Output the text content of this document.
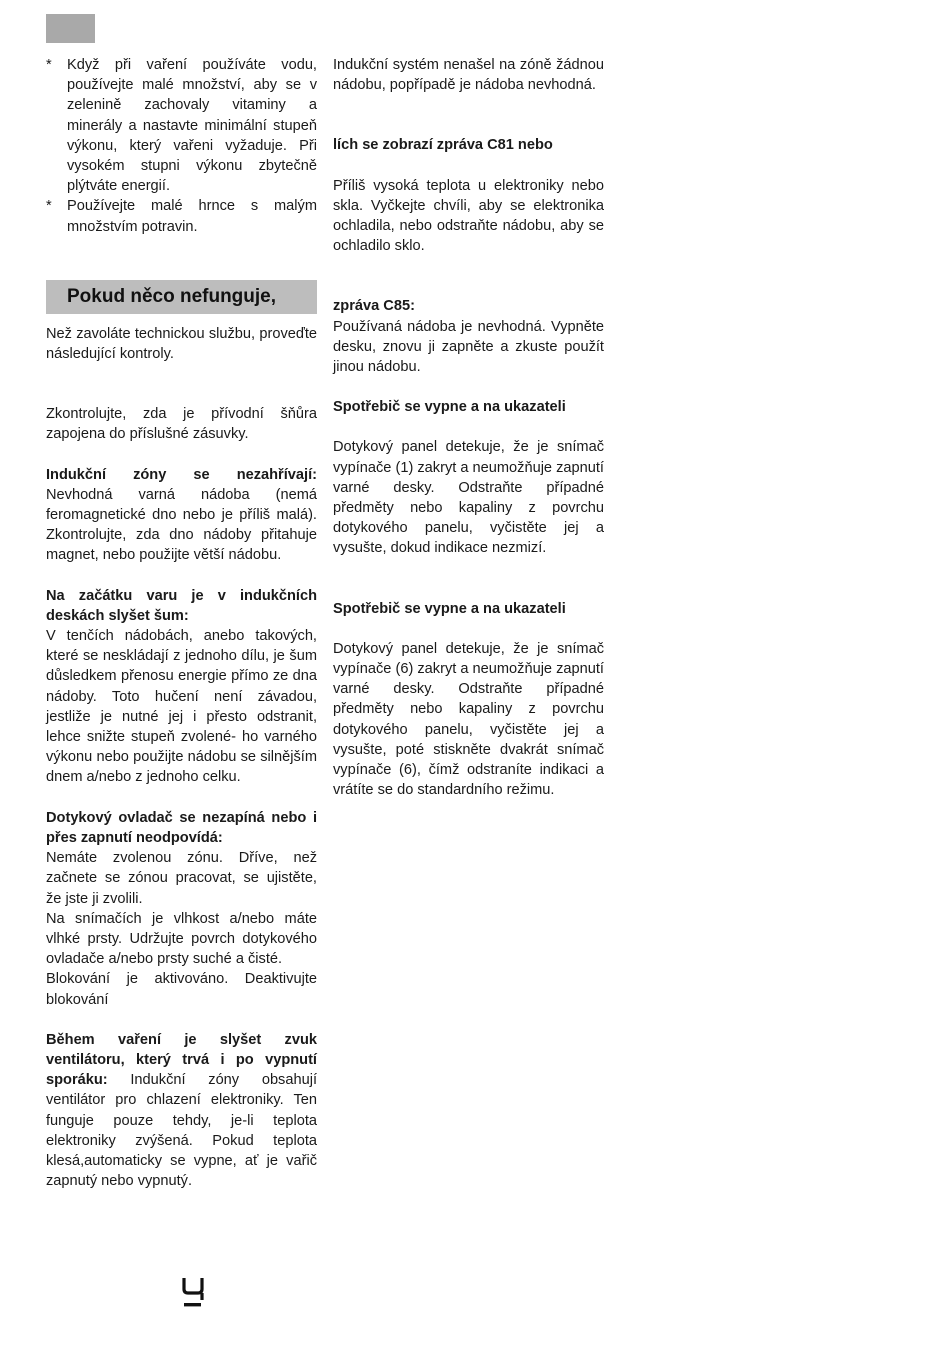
* Když při vaření používáte vodu, používejte malé množství, aby se v zelenině zachovaly vitaminy a minerály a nastavte minimální stupeň výkonu, který vařeni vyžaduje. Při vysokém stupni výkonu zbytečně plýtváte energií.
* Používejte malé hrnce s malým množstvím potravin.
Pokud něco nefunguje,

Než zavoláte technickou službu, proveďte následující kontroly.

Zkontrolujte, zda je přívodní šňůra zapojena do příslušné zásuvky.

Indukční zóny se nezahřívají: Nevhodná varná nádoba (nemá feromagnetické dno nebo je příliš malá). Zkontrolujte, zda dno nádoby přitahuje magnet, nebo použijte větší nádobu.

Na začátku varu je v indukčních deskách slyšet šum:

V tenčích nádobách, anebo takových, které se neskládají z jednoho dílu, je šum důsledkem přenosu energie přímo ze dna nádoby. Toto hučení není závadou, jestliže je nutné jej i přesto odstranit, lehce snižte stupeň zvolené- ho varného výkonu nebo použijte nádobu se silnějším dnem a/nebo z jednoho celku.

Dotykový ovladač se nezapíná nebo i přes zapnutí neodpovídá:

Nemáte zvolenou zónu. Dříve, než začnete se zónou pracovat, se ujistěte, že jste ji zvolili.

Na snímačích je vlhkost a/nebo máte vlhké prsty. Udržujte povrch dotykového ovladače a/nebo prsty suché a čisté.

Blokování je aktivováno. Deaktivujte blokování

Během vaření je slyšet zvuk ventilátoru, který trvá i po vypnutí sporáku: Indukční zóny obsahují ventilátor pro chlazení elektroniky. Ten funguje pouze tehdy, je-li teplota elektroniky zvýšená. Pokud teplota klesá,automaticky se vypne, ať je vařič zapnutý nebo vypnutý.

Indukční systém nenašel na zóně žádnou nádobu, popřípadě je nádoba nevhodná.

lích se zobrazí zpráva C81 nebo

Příliš vysoká teplota u elektroniky nebo skla. Vyčkejte chvíli, aby se elektronika ochladila, nebo odstraňte nádobu, aby se ochladilo sklo.

zpráva C85:

Používaná nádoba je nevhodná. Vypněte desku, znovu ji zapněte a zkuste použít jinou nádobu.

Spotřebič se vypne a na ukazateli

Dotykový panel detekuje, že je snímač vypínače (1) zakryt a neumožňuje zapnutí varné desky. Odstraňte případné předměty nebo kapaliny z povrchu dotykového panelu, vyčistěte jej a vysušte, dokud indikace nezmizí.

Spotřebič se vypne a na ukazateli

Dotykový panel detekuje, že je snímač vypínače (6) zakryt a neumožňuje zapnutí varné desky. Odstraňte případné předměty nebo kapaliny z povrchu dotykového panelu, vyčistěte jej a vysušte, poté stiskněte dvakrát snímač vypínače (6), čímž odstraníte indikaci a vrátíte se do standardního režimu.
